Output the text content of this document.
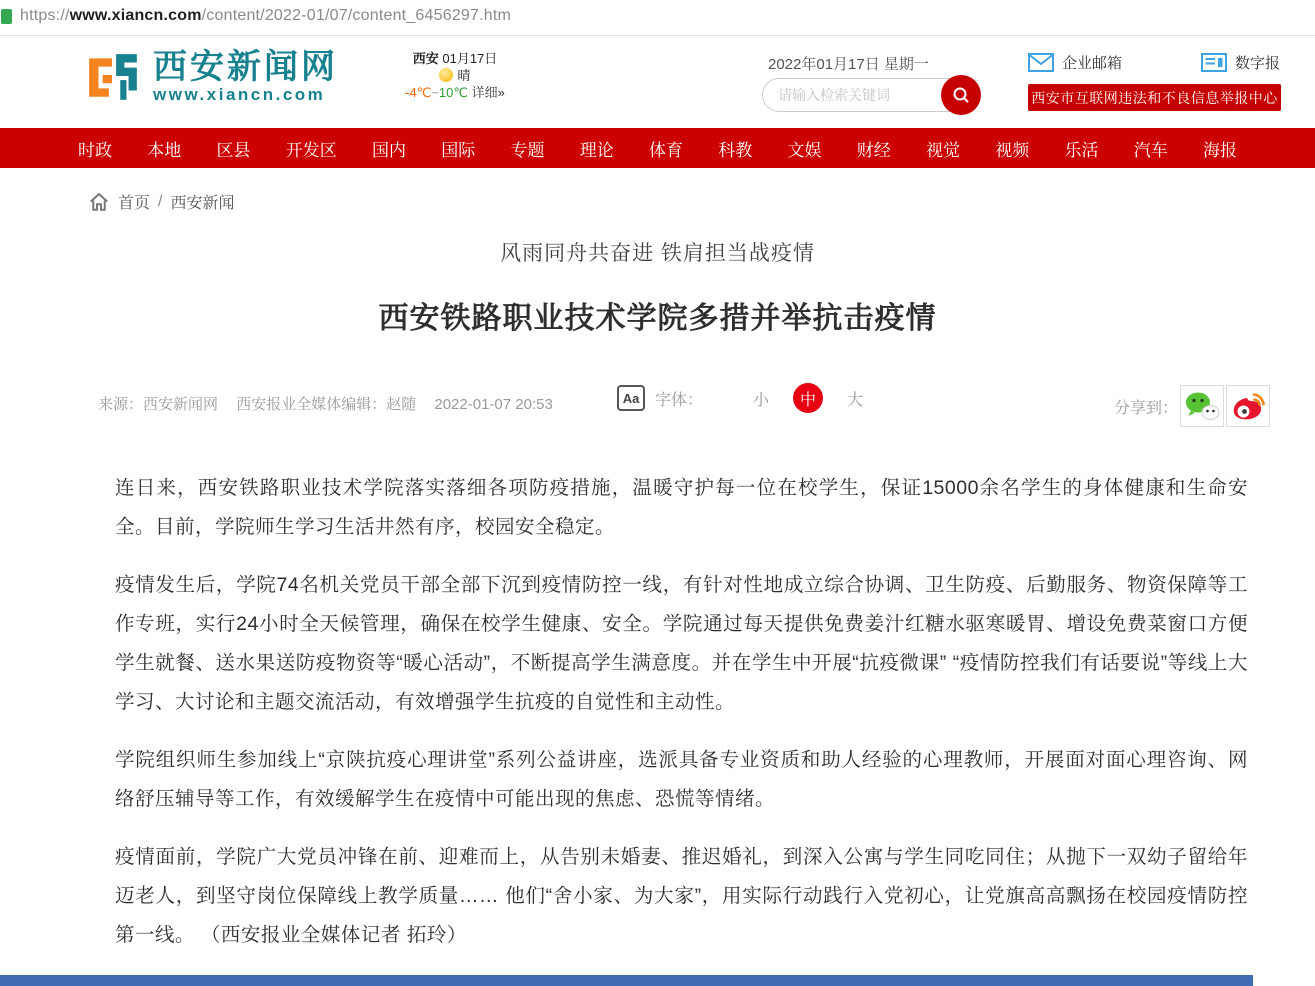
https://www.xiancn.com/content/2022-01/07/content_6456297.htm
西安新闻网
www.xiancn.com
西安 01月17日
晴
-4℃~10℃ 详细»
2022年01月17日 星期一
请输入检索关键词	企业邮箱	数字报
西安市互联网违法和不良信息举报中心
时政 本地 区县 开发区 国内 国际 专题 理论 体育 科教 文娱 财经 视觉 视频 乐活 汽车 海报
首页 / 西安新闻
风雨同舟共奋进 铁肩担当战疫情
西安铁路职业技术学院多措并举抗击疫情
来源：西安新闻网 西安报业全媒体编辑：赵随 2022-01-07 20:53	Aa 字体：	小	中	大	分享到：

连日来，西安铁路职业技术学院落实落细各项防疫措施，温暖守护每一位在校学生，保证15000余名学生的身体健康和生命安全。目前，学院师生学习生活井然有序，校园安全稳定。

疫情发生后，学院74名机关党员干部全部下沉到疫情防控一线，有针对性地成立综合协调、卫生防疫、后勤服务、物资保障等工作专班，实行24小时全天候管理，确保在校学生健康、安全。学院通过每天提供免费姜汁红糖水驱寒暖胃、增设免费菜窗口方便学生就餐、送水果送防疫物资等“暖心活动”，不断提高学生满意度。并在学生中开展“抗疫微课” “疫情防控我们有话要说”等线上大学习、大讨论和主题交流活动，有效增强学生抗疫的自觉性和主动性。

学院组织师生参加线上“京陕抗疫心理讲堂”系列公益讲座，选派具备专业资质和助人经验的心理教师，开展面对面心理咨询、网络舒压辅导等工作，有效缓解学生在疫情中可能出现的焦虑、恐慌等情绪。

疫情面前，学院广大党员冲锋在前、迎难而上，从告别未婚妻、推迟婚礼，到深入公寓与学生同吃同住；从抛下一双幼子留给年迈老人，到坚守岗位保障线上教学质量…… 他们“舍小家、为大家”，用实际行动践行入党初心，让党旗高高飘扬在校园疫情防控第一线。 （西安报业全媒体记者 拓玲）
